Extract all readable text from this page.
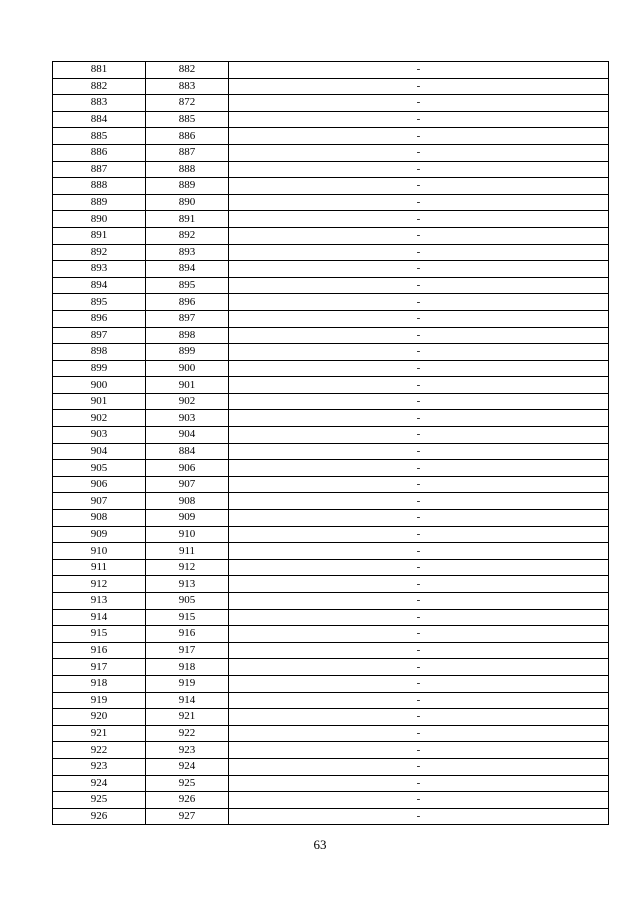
881	882	-
882	883	-
883	872	-
884	885	-
885	886	-
886	887	-
887	888	-
888	889	-
889	890	-
890	891	-
891	892	-
892	893	-
893	894	-
894	895	-
895	896	-
896	897	-
897	898	-
898	899	-
899	900	-
900	901	-
901	902	-
902	903	-
903	904	-
904	884	-
905	906	-
906	907	-
907	908	-
908	909	-
909	910	-
910	911	-
911	912	-
912	913	-
913	905	-
914	915	-
915	916	-
916	917	-
917	918	-
918	919	-
919	914	-
920	921	-
921	922	-
922	923	-
923	924	-
924	925	-
925	926	-
926	927	-
63
